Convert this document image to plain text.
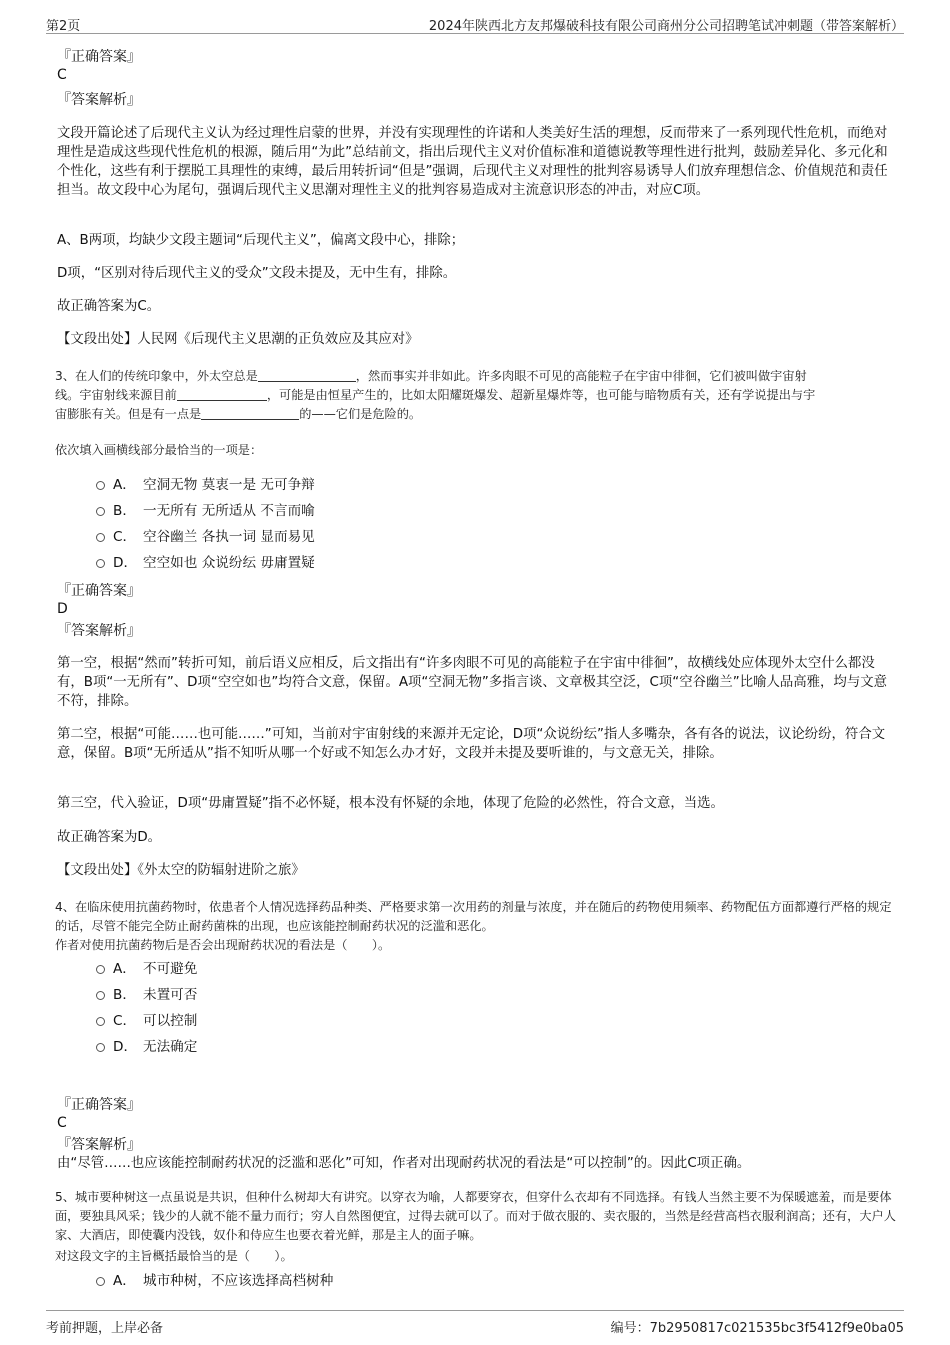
第2页	2024年陕西北方友邦爆破科技有限公司商州分公司招聘笔试冲刺题（带答案解析）
『正确答案』
C
『答案解析』
文段开篇论述了后现代主义认为经过理性启蒙的世界，并没有实现理性的许诺和人类美好生活的理想，反而带来了一系列现代性危机，而绝对理性是造成这些现代性危机的根源，随后用“为此”总结前文，指出后现代主义对价值标准和道德说教等理性进行批判，鼓励差异化、多元化和个性化，这些有利于摆脱工具理性的束缚，最后用转折词“但是”强调，后现代主义对理性的批判容易诱导人们放弃理想信念、价值规范和责任担当。故文段中心为尾句，强调后现代主义思潮对理性主义的批判容易造成对主流意识形态的冲击，对应C项。
A、B两项，均缺少文段主题词“后现代主义”，偏离文段中心，排除；
D项，“区别对待后现代主义的受众”文段未提及，无中生有，排除。
故正确答案为C。
【文段出处】人民网《后现代主义思潮的正负效应及其应对》
3、在人们的传统印象中，外太空总是	，然而事实并非如此。许多肉眼不可见的高能粒子在宇宙中徘徊，它们被叫做宇宙射
线。宇宙射线来源目前	，可能是由恒星产生的，比如太阳耀斑爆发、超新星爆炸等，也可能与暗物质有关，还有学说提出与宇
宙膨胀有关。但是有一点是	的——它们是危险的。
依次填入画横线部分最恰当的一项是：
A． 空洞无物 莫衷一是 无可争辩
B． 一无所有 无所适从 不言而喻
C． 空谷幽兰 各执一词 显而易见
D． 空空如也 众说纷纭 毋庸置疑
『正确答案』
D
『答案解析』
第一空，根据“然而”转折可知，前后语义应相反，后文指出有“许多肉眼不可见的高能粒子在宇宙中徘徊”，故横线处应体现外太空什么都没有，B项“一无所有”、D项“空空如也”均符合文意，保留。A项“空洞无物”多指言谈、文章极其空泛，C项“空谷幽兰”比喻人品高雅，均与文意不符，排除。
第二空，根据“可能……也可能……”可知，当前对宇宙射线的来源并无定论，D项“众说纷纭”指人多嘴杂，各有各的说法，议论纷纷，符合文意，保留。B项“无所适从”指不知听从哪一个好或不知怎么办才好，文段并未提及要听谁的，与文意无关，排除。
第三空，代入验证，D项“毋庸置疑”指不必怀疑，根本没有怀疑的余地，体现了危险的必然性，符合文意，当选。
故正确答案为D。
【文段出处】《外太空的防辐射进阶之旅》
4、在临床使用抗菌药物时，依患者个人情况选择药品种类、严格要求第一次用药的剂量与浓度，并在随后的药物使用频率、药物配伍方面都遵行严格的规定的话，尽管不能完全防止耐药菌株的出现，也应该能控制耐药状况的泛滥和恶化。
作者对使用抗菌药物后是否会出现耐药状况的看法是（　　）。
A． 不可避免
B． 未置可否
C． 可以控制
D． 无法确定
『正确答案』
C
『答案解析』
由“尽管……也应该能控制耐药状况的泛滥和恶化”可知，作者对出现耐药状况的看法是“可以控制”的。因此C项正确。
5、城市要种树这一点虽说是共识，但种什么树却大有讲究。以穿衣为喻，人都要穿衣，但穿什么衣却有不同选择。有钱人当然主要不为保暖遮羞，而是要体面，要独具风采；钱少的人就不能不量力而行；穷人自然图便宜，过得去就可以了。而对于做衣服的、卖衣服的，当然是经营高档衣服利润高；还有，大户人家、大酒店，即使囊内没钱，奴仆和侍应生也要衣着光鲜，那是主人的面子嘛。
对这段文字的主旨概括最恰当的是（　　）。
A． 城市种树，不应该选择高档树种
考前押题，上岸必备	编号：7b2950817c021535bc3f5412f9e0ba05
